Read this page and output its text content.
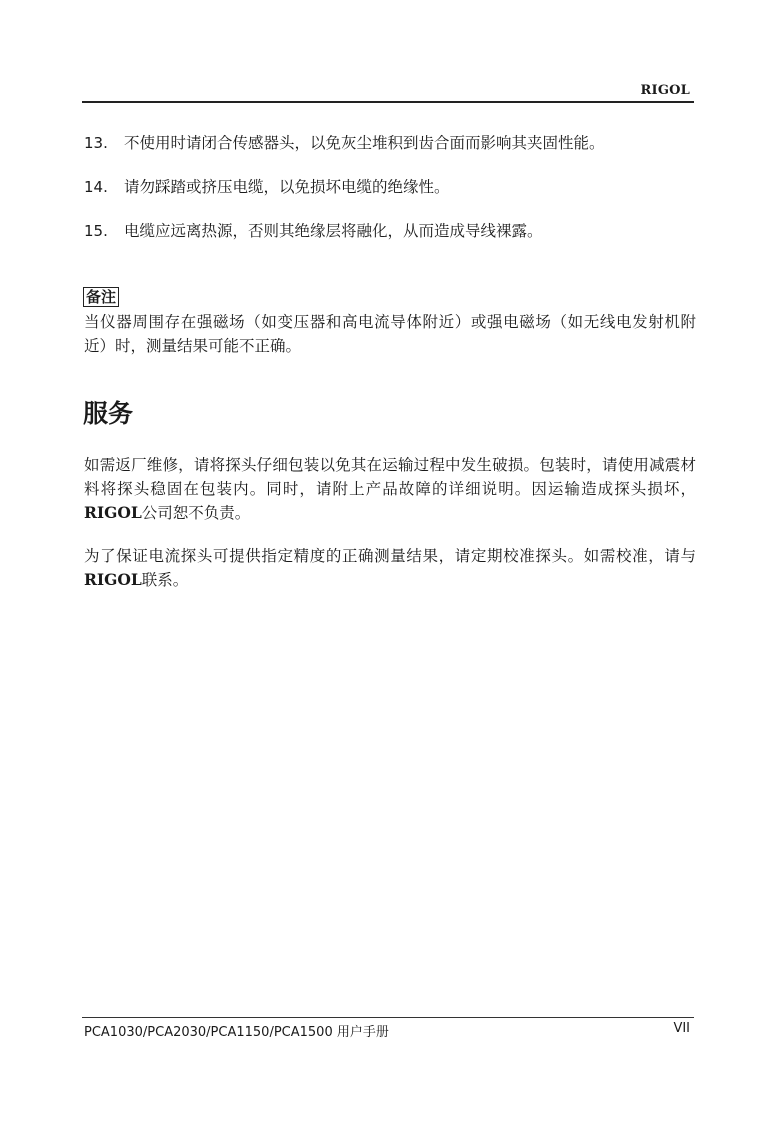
RIGOL
13. 不使用时请闭合传感器头，以免灰尘堆积到齿合面而影响其夹固性能。
14. 请勿踩踏或挤压电缆，以免损坏电缆的绝缘性。
15. 电缆应远离热源，否则其绝缘层将融化，从而造成导线裸露。
备注
当仪器周围存在强磁场（如变压器和高电流导体附近）或强电磁场（如无线电发射机附近）时，测量结果可能不正确。
服务
如需返厂维修，请将探头仔细包装以免其在运输过程中发生破损。包装时，请使用减震材料将探头稳固在包装内。同时，请附上产品故障的详细说明。因运输造成探头损坏，RIGOL公司恕不负责。
为了保证电流探头可提供指定精度的正确测量结果，请定期校准探头。如需校准，请与RIGOL联系。
PCA1030/PCA2030/PCA1150/PCA1500 用户手册	VII
